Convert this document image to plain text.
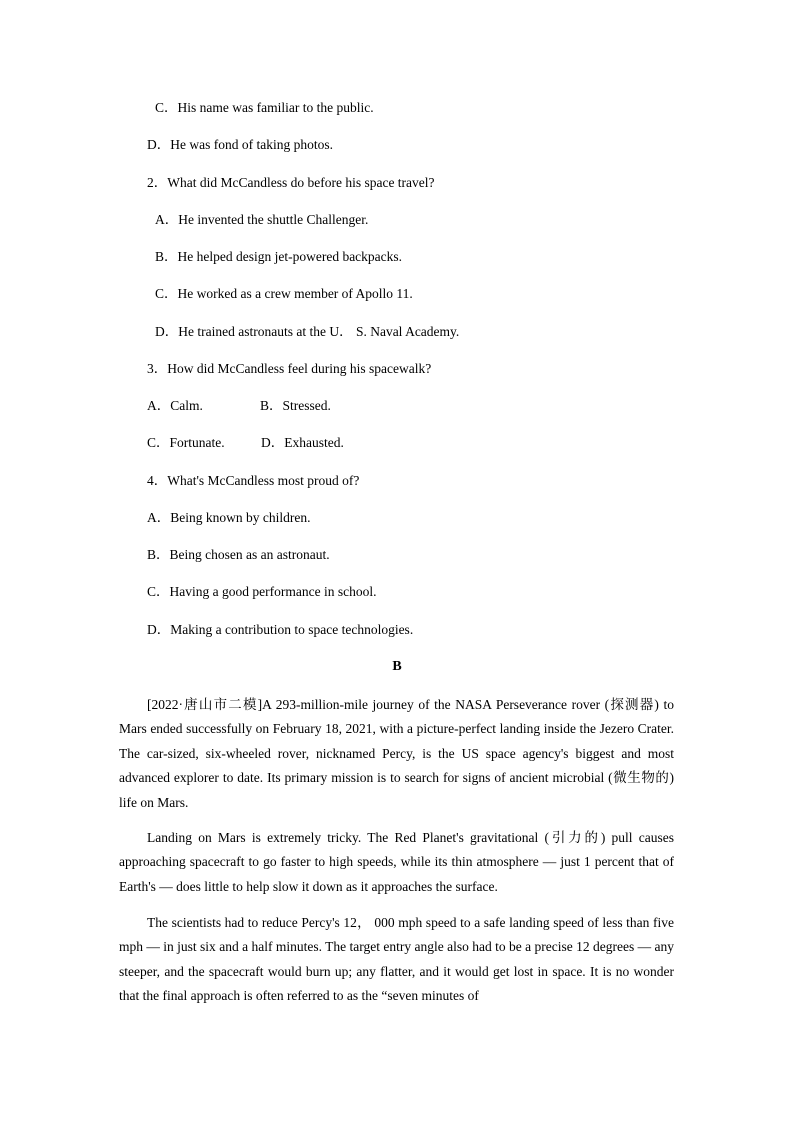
C．His name was familiar to the public.
D．He was fond of taking photos.
2．What did McCandless do before his space travel?
A．He invented the shuttle Challenger.
B．He helped design jet-powered backpacks.
C．He worked as a crew member of Apollo 11.
D．He trained astronauts at the U． S. Naval Academy.
3．How did McCandless feel during his spacewalk?
A．Calm.	B．Stressed.
C．Fortunate.	D．Exhausted.
4．What's McCandless most proud of?
A．Being known by children.
B．Being chosen as an astronaut.
C．Having a good performance in school.
D．Making a contribution to space technologies.
B
[2022·唐山市二模]A 293-million-mile journey of the NASA Perseverance rover (探测器) to Mars ended successfully on February 18, 2021, with a picture-perfect landing inside the Jezero Crater. The car-sized, six-wheeled rover, nicknamed Percy, is the US space agency's biggest and most advanced explorer to date. Its primary mission is to search for signs of ancient microbial (微生物的) life on Mars.
Landing on Mars is extremely tricky. The Red Planet's gravitational (引力的) pull causes approaching spacecraft to go faster to high speeds, while its thin atmosphere — just 1 percent that of Earth's — does little to help slow it down as it approaches the surface.
The scientists had to reduce Percy's 12， 000 mph speed to a safe landing speed of less than five mph — in just six and a half minutes. The target entry angle also had to be a precise 12 degrees — any steeper, and the spacecraft would burn up; any flatter, and it would get lost in space. It is no wonder that the final approach is often referred to as the “seven minutes of
